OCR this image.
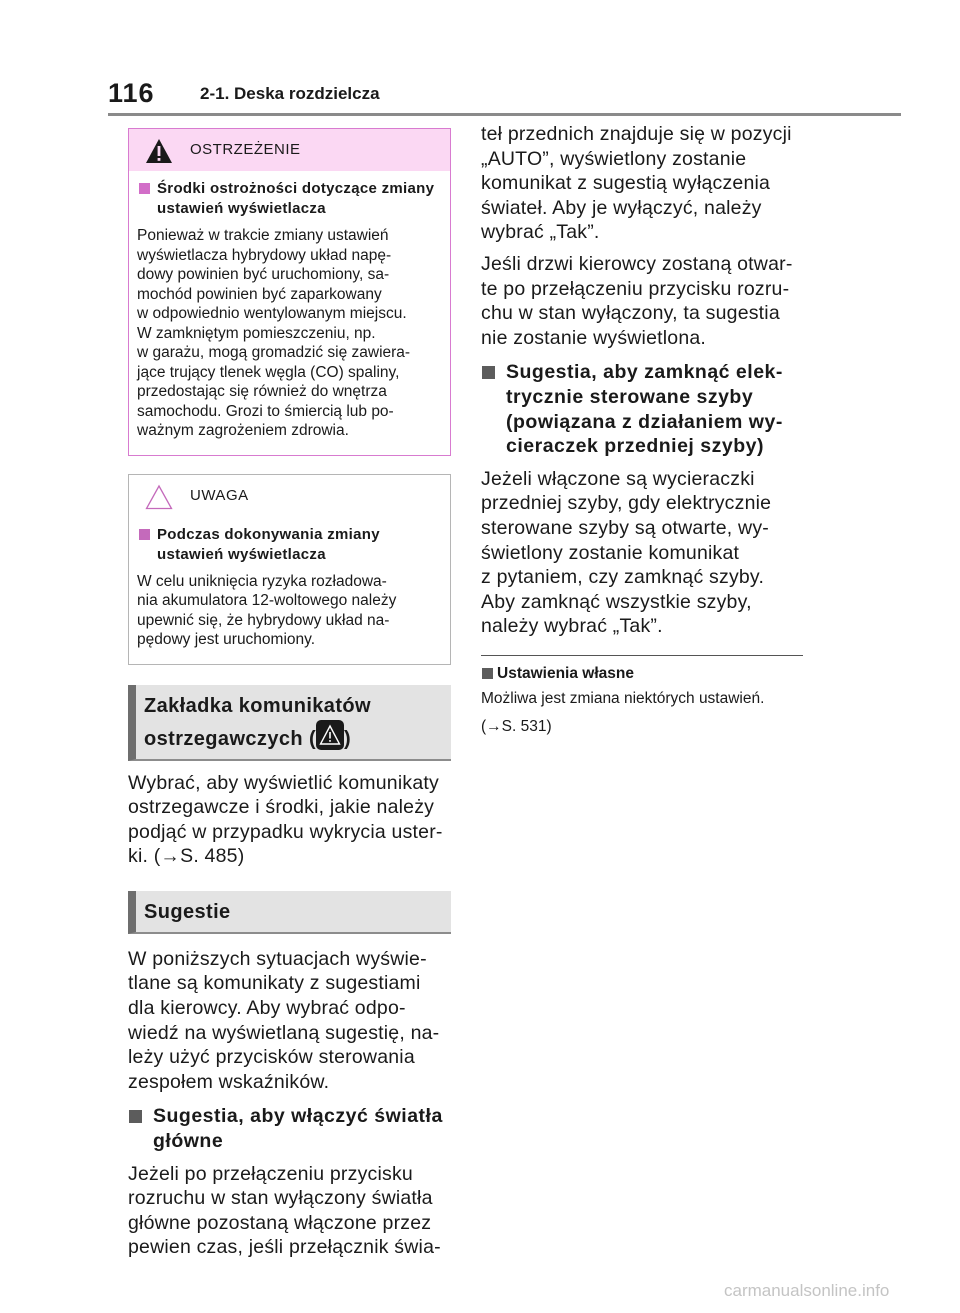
116	2-1. Deska rozdzielcza
OSTRZEŻENIE
Środki ostrożności dotyczące zmiany ustawień wyświetlacza
Ponieważ w trakcie zmiany ustawień
wyświetlacza hybrydowy układ napę-
dowy powinien być uruchomiony, sa-
mochód powinien być zaparkowany
w odpowiednio wentylowanym miejscu.
W zamkniętym pomieszczeniu, np.
w garażu, mogą gromadzić się zawiera-
jące trujący tlenek węgla (CO) spaliny,
przedostając się również do wnętrza
samochodu. Grozi to śmiercią lub po-
ważnym zagrożeniem zdrowia.
UWAGA
Podczas dokonywania zmiany ustawień wyświetlacza
W celu uniknięcia ryzyka rozładowa-
nia akumulatora 12-woltowego należy
upewnić się, że hybrydowy układ na-
pędowy jest uruchomiony.
Zakładka komunikatów
ostrzegawczych ( )
Wybrać, aby wyświetlić komunikaty
ostrzegawcze i środki, jakie należy
podjąć w przypadku wykrycia uster-
ki. (→S. 485)
Sugestie
W poniższych sytuacjach wyświe-
tlane są komunikaty z sugestiami
dla kierowcy. Aby wybrać odpo-
wiedź na wyświetlaną sugestię, na-
leży użyć przycisków sterowania
zespołem wskaźników.
Sugestia, aby włączyć światła
główne
Jeżeli po przełączeniu przycisku
rozruchu w stan wyłączony światła
główne pozostaną włączone przez
pewien czas, jeśli przełącznik świa-
teł przednich znajduje się w pozycji
„AUTO”, wyświetlony zostanie
komunikat z sugestią wyłączenia
świateł. Aby je wyłączyć, należy
wybrać „Tak”.
Jeśli drzwi kierowcy zostaną otwar-
te po przełączeniu przycisku rozru-
chu w stan wyłączony, ta sugestia
nie zostanie wyświetlona.
Sugestia, aby zamknąć elek-
trycznie sterowane szyby
(powiązana z działaniem wy-
cieraczek przedniej szyby)
Jeżeli włączone są wycieraczki
przedniej szyby, gdy elektrycznie
sterowane szyby są otwarte, wy-
świetlony zostanie komunikat
z pytaniem, czy zamknąć szyby.
Aby zamknąć wszystkie szyby,
należy wybrać „Tak”.
Ustawienia własne
Możliwa jest zmiana niektórych ustawień.
(→S. 531)
carmanualsonline.info
